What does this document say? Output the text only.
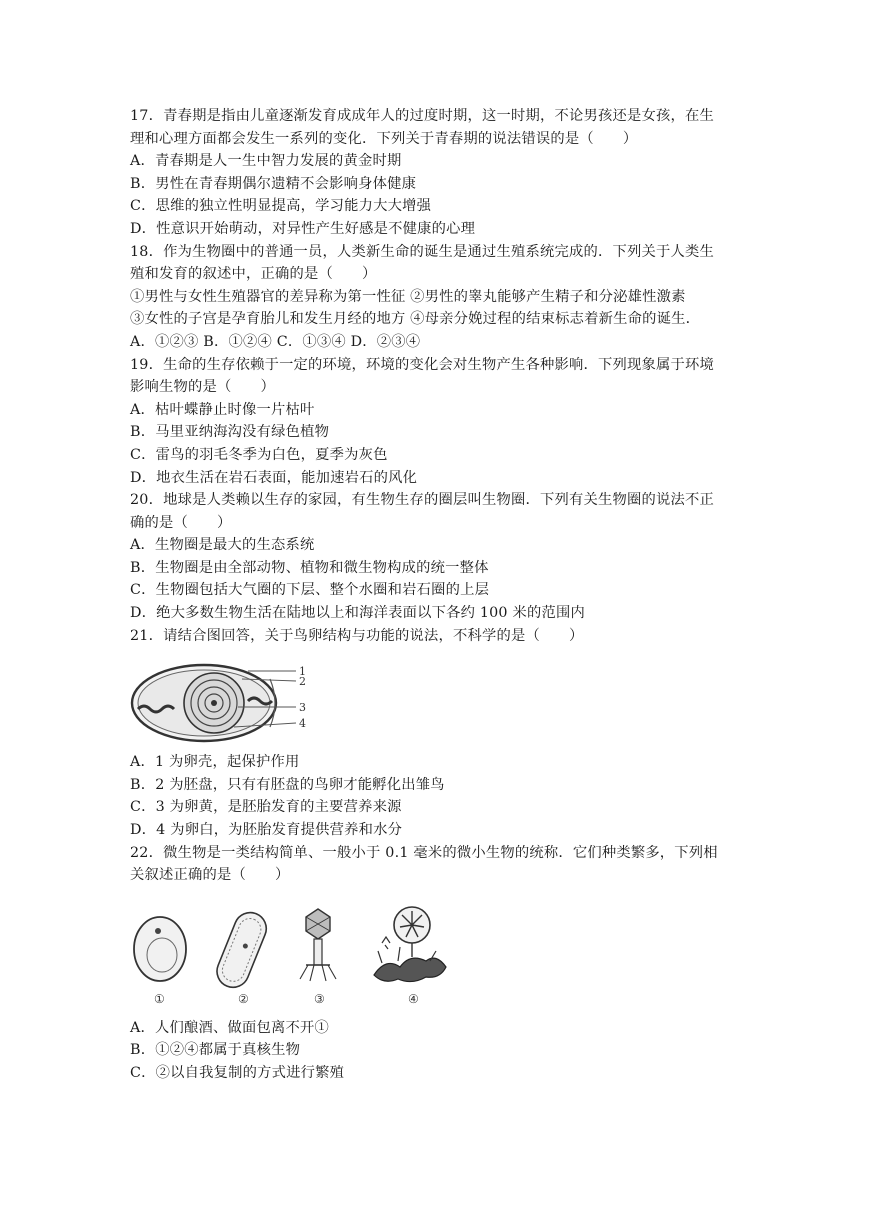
17．青春期是指由儿童逐渐发育成成年人的过度时期，这一时期，不论男孩还是女孩，在生
理和心理方面都会发生一系列的变化．下列关于青春期的说法错误的是（　　）
A．青春期是人一生中智力发展的黄金时期
B．男性在青春期偶尔遗精不会影响身体健康
C．思维的独立性明显提高，学习能力大大增强
D．性意识开始萌动，对异性产生好感是不健康的心理
18．作为生物圈中的普通一员，人类新生命的诞生是通过生殖系统完成的．下列关于人类生
殖和发育的叙述中，正确的是（　　）
①男性与女性生殖器官的差异称为第一性征 ②男性的睾丸能够产生精子和分泌雄性激素
③女性的子宫是孕育胎儿和发生月经的地方 ④母亲分娩过程的结束标志着新生命的诞生．
A．①②③ B．①②④ C．①③④ D．②③④
19．生命的生存依赖于一定的环境，环境的变化会对生物产生各种影响．下列现象属于环境
影响生物的是（　　）
A．枯叶蝶静止时像一片枯叶
B．马里亚纳海沟没有绿色植物
C．雷鸟的羽毛冬季为白色，夏季为灰色
D．地衣生活在岩石表面，能加速岩石的风化
20．地球是人类赖以生存的家园，有生物生存的圈层叫生物圈．下列有关生物圈的说法不正
确的是（　　）
A．生物圈是最大的生态系统
B．生物圈是由全部动物、植物和微生物构成的统一整体
C．生物圈包括大气圈的下层、整个水圈和岩石圈的上层
D．绝大多数生物生活在陆地以上和海洋表面以下各约 100 米的范围内
21．请结合图回答，关于鸟卵结构与功能的说法，不科学的是（　　）
1
2
3
4
A．1 为卵壳，起保护作用
B．2 为胚盘，只有有胚盘的鸟卵才能孵化出雏鸟
C．3 为卵黄，是胚胎发育的主要营养来源
D．4 为卵白，为胚胎发育提供营养和水分
22．微生物是一类结构简单、一般小于 0.1 毫米的微小生物的统称．它们种类繁多，下列相
关叙述正确的是（　　）
①	②	③	④
A．人们酿酒、做面包离不开①
B．①②④都属于真核生物
C．②以自我复制的方式进行繁殖
